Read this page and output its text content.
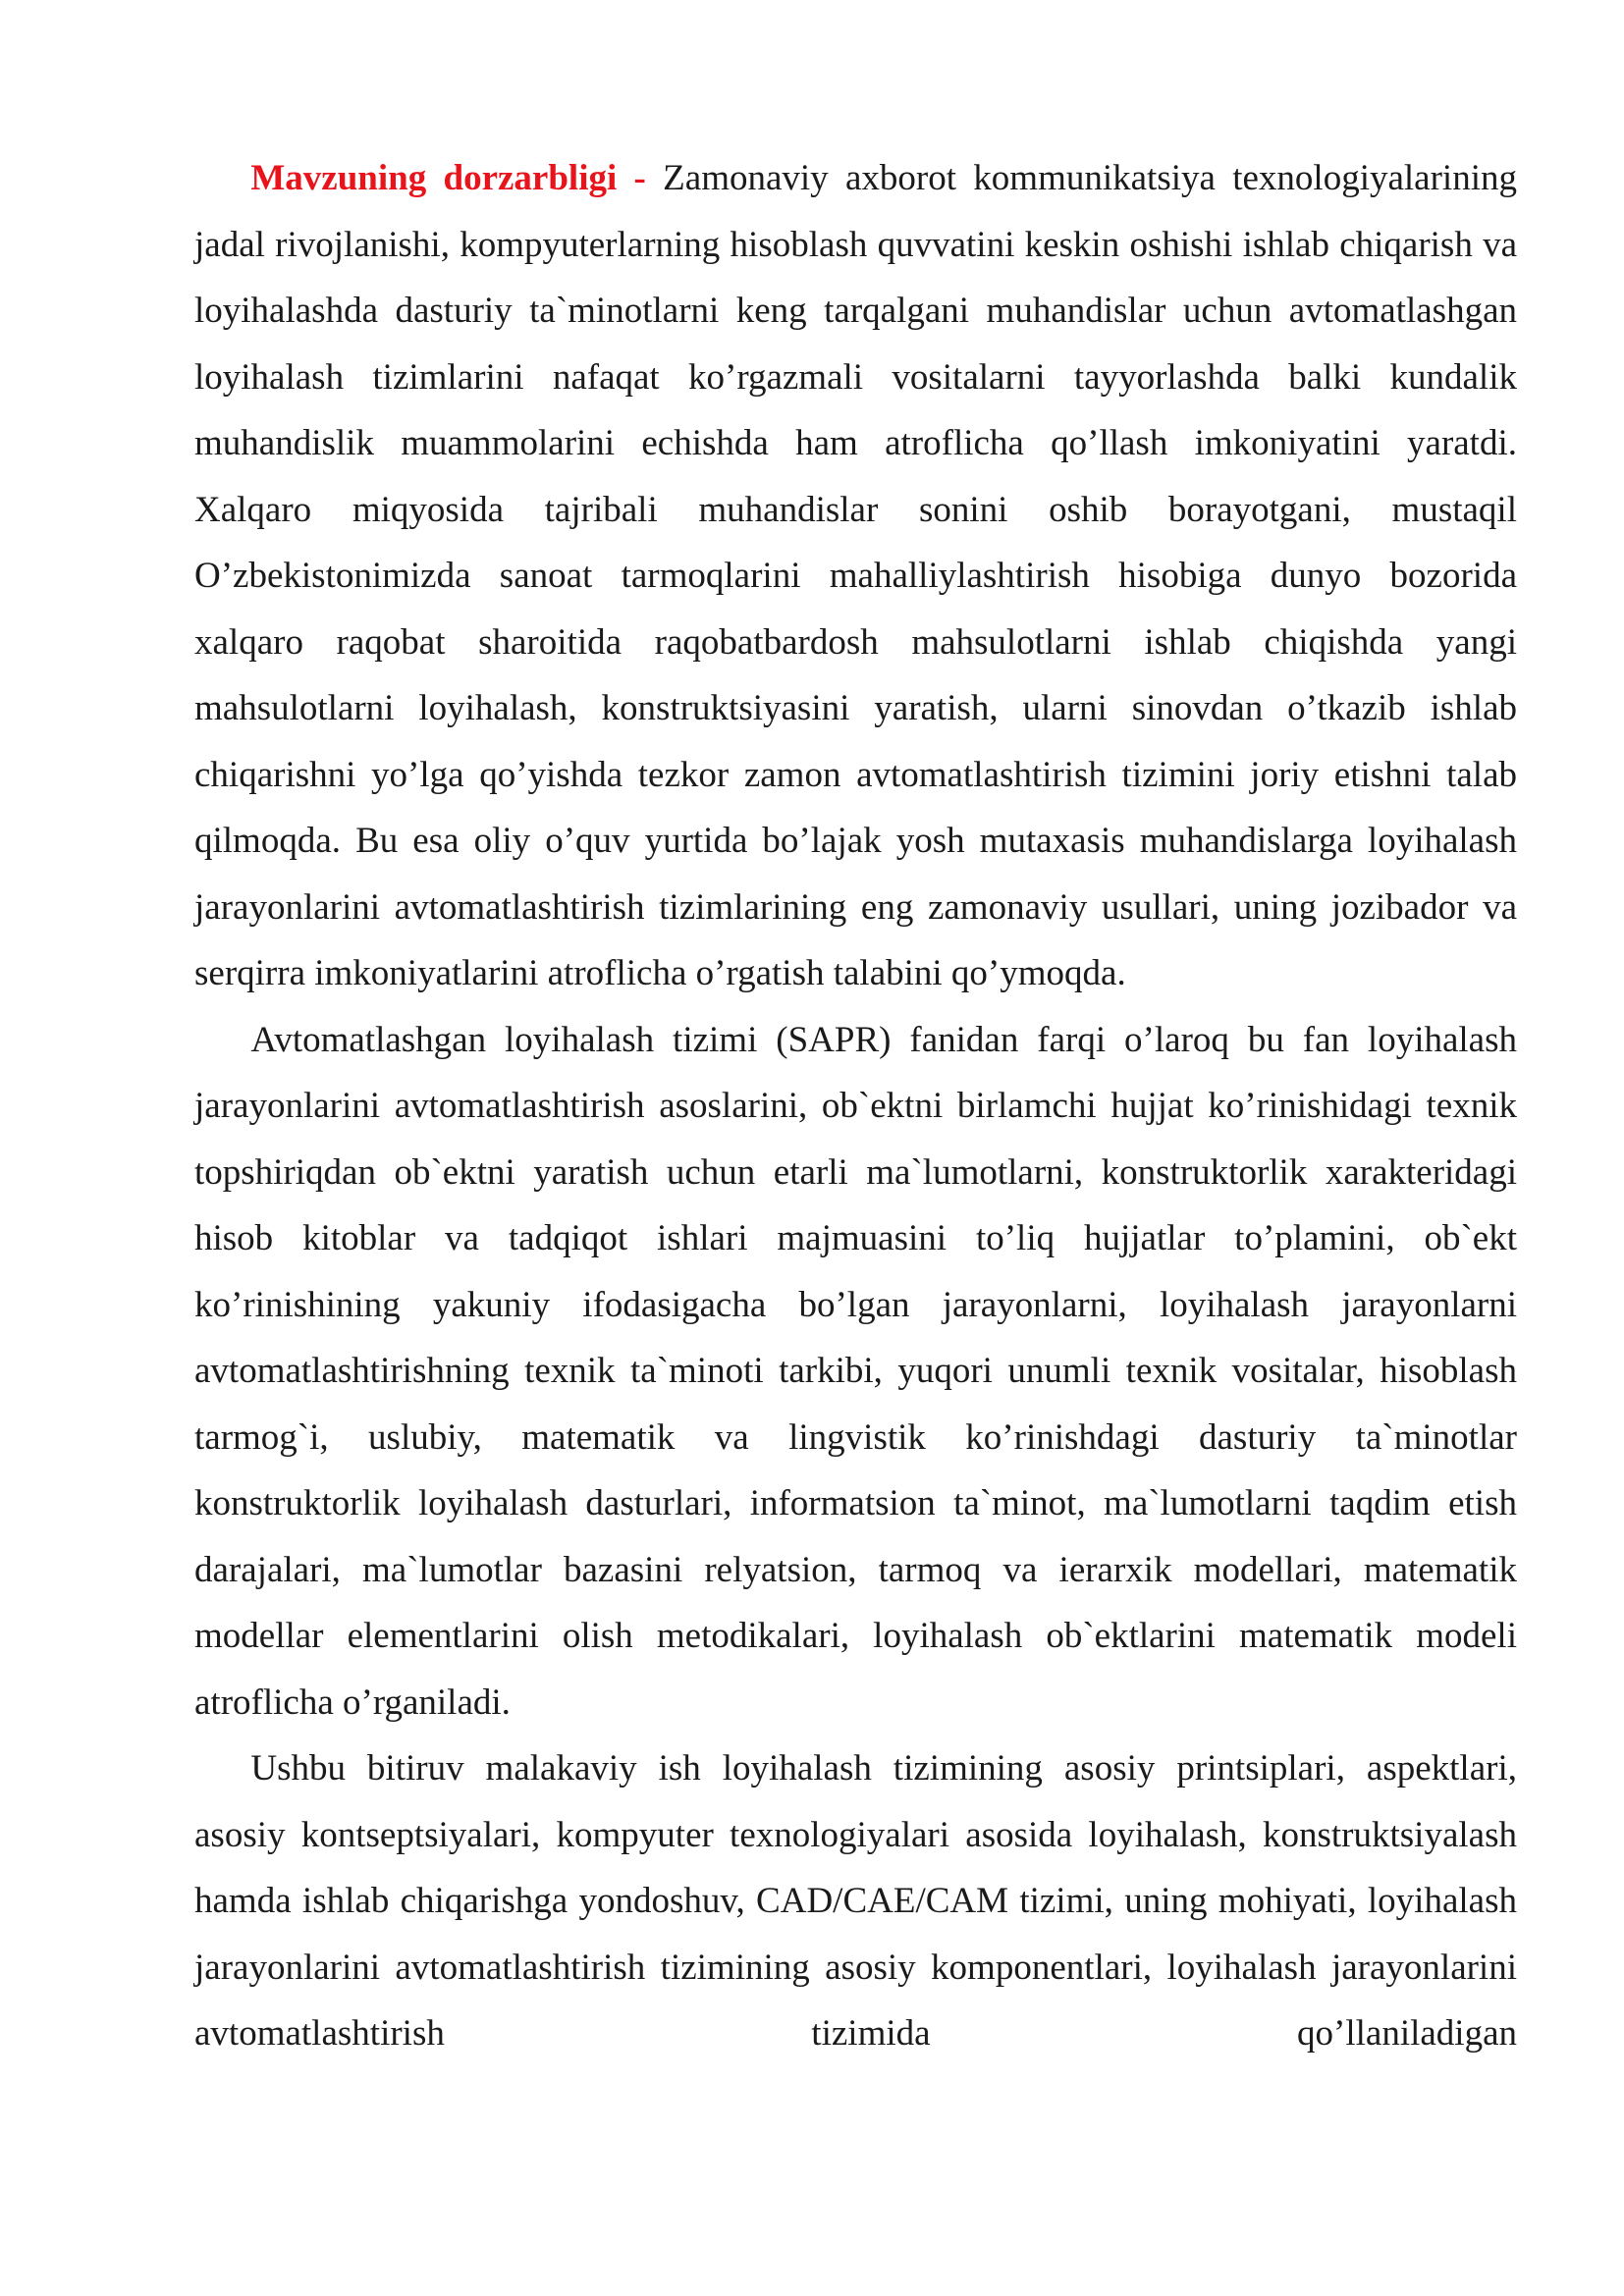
Mavzuning dorzarbligi - Zamonaviy axborot kommunikatsiya texnologiyalarining jadal rivojlanishi, kompyuterlarning hisoblash quvvatini keskin oshishi ishlab chiqarish va loyihalashda dasturiy ta`minotlarni keng tarqalgani muhandislar uchun avtomatlashgan loyihalash tizimlarini nafaqat ko’rgazmali vositalarni tayyorlashda balki kundalik muhandislik muammolarini echishda ham atroflicha qo’llash imkoniyatini yaratdi. Xalqaro miqyosida tajribali muhandislar sonini oshib borayotgani, mustaqil O’zbekistonimizda sanoat tarmoqlarini mahalliylashtirish hisobiga dunyo bozorida xalqaro raqobat sharoitida raqobatbardosh mahsulotlarni ishlab chiqishda yangi mahsulotlarni loyihalash, konstruktsiyasini yaratish, ularni sinovdan o’tkazib ishlab chiqarishni yo’lga qo’yishda tezkor zamon avtomatlashtirish tizimini joriy etishni talab qilmoqda. Bu esa oliy o’quv yurtida bo’lajak yosh mutaxasis muhandislarga loyihalash jarayonlarini avtomatlashtirish tizimlarining eng zamonaviy usullari, uning jozibador va serqirra imkoniyatlarini atroflicha o’rgatish talabini qo’ymoqda.

Avtomatlashgan loyihalash tizimi (SAPR) fanidan farqi o’laroq bu fan loyihalash jarayonlarini avtomatlashtirish asoslarini, ob`ektni birlamchi hujjat ko’rinishidagi texnik topshiriqdan ob`ektni yaratish uchun etarli ma`lumotlarni, konstruktorlik xarakteridagi hisob kitoblar va tadqiqot ishlari majmuasini to’liq hujjatlar to’plamini, ob`ekt ko’rinishining yakuniy ifodasigacha bo’lgan jarayonlarni, loyihalash jarayonlarni avtomatlashtirishning texnik ta`minoti tarkibi, yuqori unumli texnik vositalar, hisoblash tarmog`i, uslubiy, matematik va lingvistik ko’rinishdagi dasturiy ta`minotlar konstruktorlik loyihalash dasturlari, informatsion ta`minot, ma`lumotlarni taqdim etish darajalari, ma`lumotlar bazasini relyatsion, tarmoq va ierarxik modellari, matematik modellar elementlarini olish metodikalari, loyihalash ob`ektlarini matematik modeli atroflicha o’rganiladi.

Ushbu bitiruv malakaviy ish loyihalash tizimining asosiy printsiplari, aspektlari, asosiy kontseptsiyalari, kompyuter texnologiyalari asosida loyihalash, konstruktsiyalash hamda ishlab chiqarishga yondoshuv, CAD/CAE/CAM tizimi, uning mohiyati, loyihalash jarayonlarini avtomatlashtirish tizimining asosiy komponentlari, loyihalash jarayonlarini avtomatlashtirish tizimida qo’llaniladigan
